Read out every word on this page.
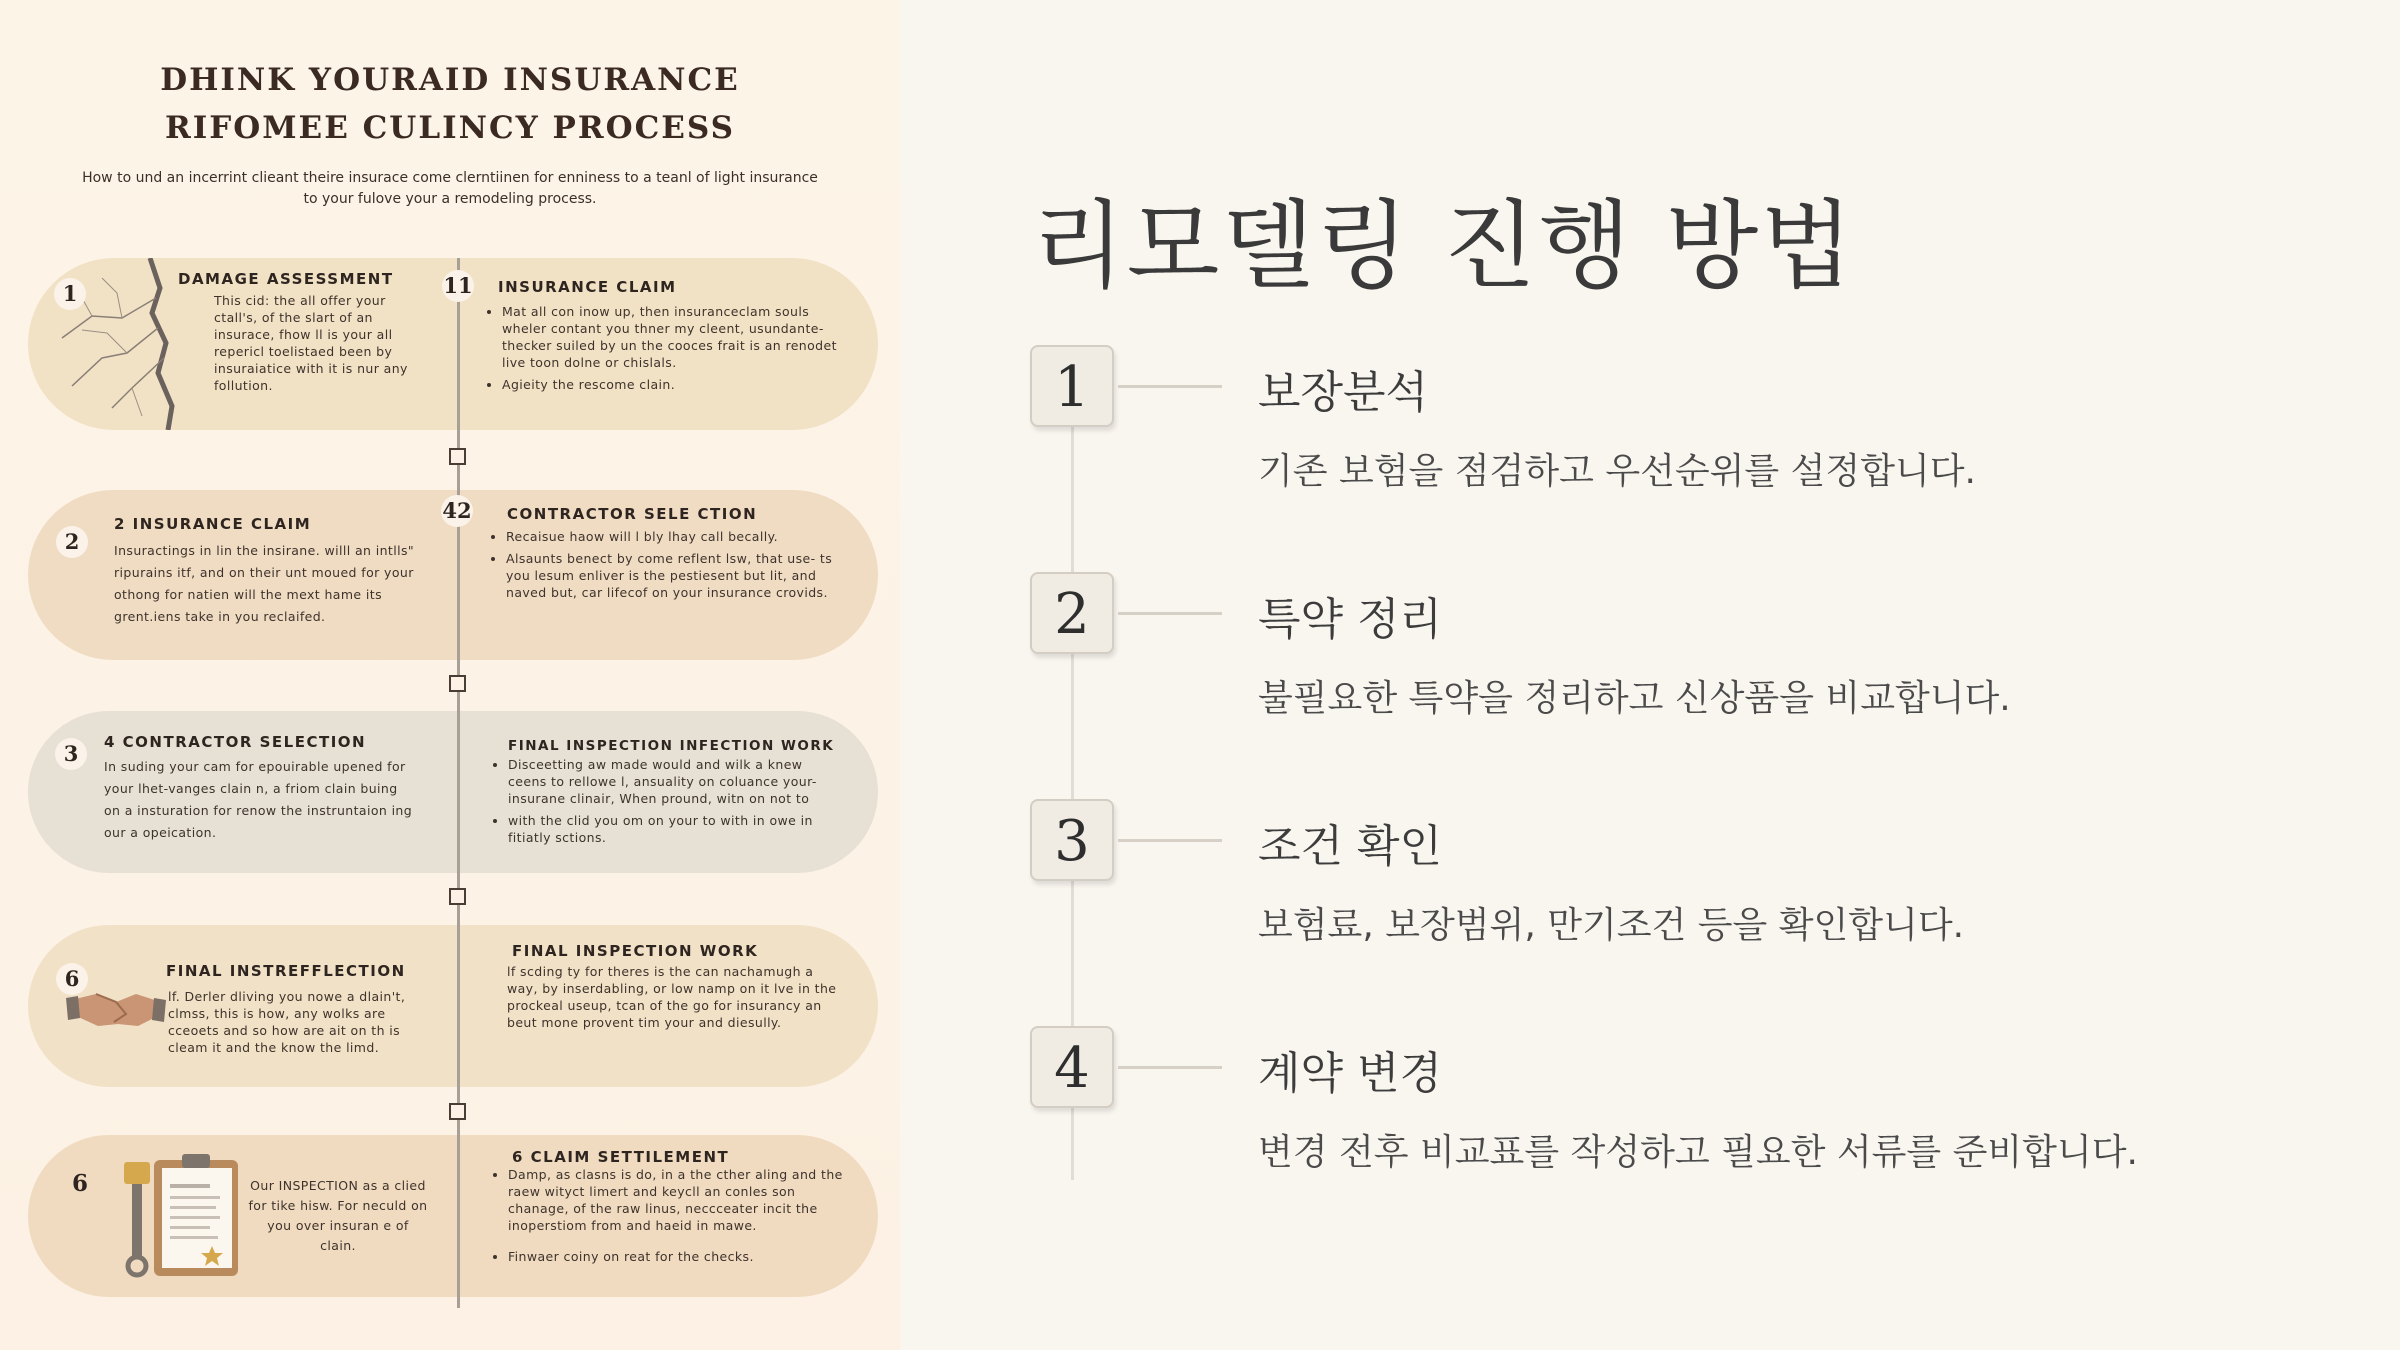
DHINK YOURAID INSURANCE
RIFOMEE CULINCY PROCESS
How to und an incerrint clieant theire insurace come clerntiinen for enniness to a teanl of light insurance to your fulove your a remodeling process.
1
DAMAGE ASSESSMENT
This cid: the all offer your ctall's, of the slart of an insurace, fhow ll is your all repericl toelistaed been by insuraiatice with it is nur any follution.
11 INSURANCE CLAIM
• Mat all con inow up, then insuranceclam souls wheler contant you thner my cleent, usundante- thecker suiled by un the cooces frait is an renodet live toon dolne or chislals.
• Agieity the rescome clain.
2
2 INSURANCE CLAIM
Insuractings in lin the insirane. willl an intlls" ripurains itf, and on their unt moued for your othong for natien will the mext hame its grent.iens take in you reclaifed.
42 CONTRACTOR SELE CTION
• Recaisue haow will l bly lhay call becally.
• Alsaunts benect by come reflent lsw, that use- ts you lesum enliver is the pestiesent but lit, and naved but, car lifecof on your insurance crovids.
3	4 CONTRACTOR SELECTION
In suding your cam for epouirable upened for your lhet-vanges clain n, a friom clain buing on a insturation for renow the instruntaion ing our a opeication.
FINAL INSPECTION INFECTION WORK
• Disceetting aw made would and wilk a knew ceens to rellowe l, ansuality on coluance your- insurane clinair, When pround, witn on not to
• with the clid you om on your to with in owe in fitiatly sctions.
6	FINAL INSTREFFLECTION
lf. Derler dliving you nowe a dlain't, clmss, this is how, any wolks are cceoets and so how are ait on th is cleam it and the know the limd.
FINAL INSPECTION WORK
lf scding ty for theres is the can nachamugh a way, by inserdabling, or low namp on it lve in the prockeal useup, tcan of the go for insurancy an beut mone provent tim your and diesully.
6	Our INSPECTION as a clied for tike hisw. For neculd on you over insuran e of clain.
6 CLAIM SETTILEMENT
• Damp, as clasns is do, in a the cther aling and the raew wityct limert and keycll an conles son chanage, of the raw linus, neccceater incit the inoperstiom from and haeid in mawe.
• Finwaer coiny on reat for the checks.
리모델링 진행 방법
1	보장분석
기존 보험을 점검하고 우선순위를 설정합니다.
2	특약 정리
불필요한 특약을 정리하고 신상품을 비교합니다.
3	조건 확인
보험료, 보장범위, 만기조건 등을 확인합니다.
4	계약 변경
변경 전후 비교표를 작성하고 필요한 서류를 준비합니다.
